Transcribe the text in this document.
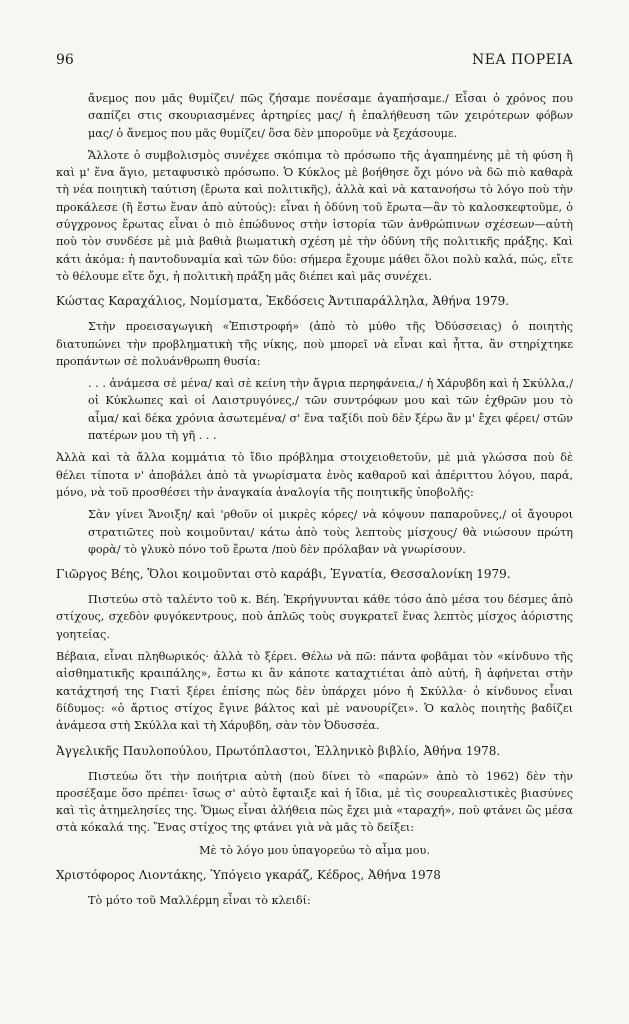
96	ΝΕΑ ΠΟΡΕΙΑ

ἄνεμος που μᾶς θυμίζει/ πῶς ζήσαμε πονέσαμε ἀγαπήσαμε./ Εἶσαι ὁ χρόνος που σαπίζει στις σκουριασμένες ἀρτηρίες μας/ ἡ ἐπαλήθευση τῶν χειρότερων φόβων μας/ ὁ ἄνεμος που μᾶς θυμίζει/ ὅσα δὲν μποροῦμε νὰ ξεχάσουμε.

Ἄλλοτε ὁ συμβολισμὸς συνέχεε σκόπιμα τὸ πρόσωπο τῆς ἀγαπημένης μὲ τὴ φύση ἢ καὶ μ' ἕνα ἅγιο, μεταφυσικὸ πρόσωπο. Ὁ Κύκλος μὲ βοήθησε ὄχι μόνο νὰ δῶ πιὸ καθαρὰ τὴ νέα ποιητικὴ ταύτιση (ἔρωτα καὶ πολιτικῆς), ἀλλὰ καὶ νὰ κατανοήσω τὸ λόγο ποὺ τὴν προκάλεσε (ἢ ἔστω ἕναν ἀπὸ αὐτούς): εἶναι ἡ ὀδύνη τοῦ ἔρωτα—ἂν τὸ καλοσκεφτοῦμε, ὁ σύγχρονος ἔρωτας εἶναι ὁ πιὸ ἐπώδυνος στὴν ἱστορία τῶν ἀνθρώπινων σχέσεων—αὐτὴ ποὺ τὸν συνδέσε μὲ μιὰ βαθιὰ βιωματικὴ σχέση μὲ τὴν ὀδύνη τῆς πολιτικῆς πράξης. Καὶ κάτι ἀκόμα: ἡ παντοδυναμία καὶ τῶν δύο: σήμερα ἔχουμε μάθει ὅλοι πολὺ καλά, πώς, εἴτε τὸ θέλουμε εἴτε ὄχι, ἡ πολιτικὴ πράξη μᾶς διέπει καὶ μᾶς συνέχει.

Κώστας Καραχάλιος, Νομίσματα, Ἐκδόσεις Ἀντιπαράλληλα, Ἀθήνα 1979.

Στὴν προεισαγωγικὴ «Ἐπιστροφή» (ἀπὸ τὸ μύθο τῆς Ὀδύσσειας) ὁ ποιητὴς διατυπώνει τὴν προβληματικὴ τῆς νίκης, ποὺ μπορεῖ νὰ εἶναι καὶ ἧττα, ἂν στηρίχτηκε προπάντων σὲ πολυάνθρωπη θυσία:

. . . ἀνάμεσα σὲ μένα/ καὶ σὲ κείνη τὴν ἄγρια περηφάνεια,/ ἡ Χάρυβδη καὶ ἡ Σκύλλα,/ οἱ Κύκλωπες καὶ οἱ Λαιστρυγόνες,/ τῶν συντρόφων μου καὶ τῶν ἐχθρῶν μου τὸ αἷμα/ καὶ δέκα χρόνια ἀσωτεμένα/ σ' ἕνα ταξίδι ποὺ δὲν ξέρω ἂν μ' ἔχει φέρει/ στῶν πατέρων μου τὴ γῆ . . .

Ἀλλὰ καὶ τὰ ἄλλα κομμάτια τὸ ἴδιο πρόβλημα στοιχειοθετοῦν, μὲ μιὰ γλώσσα ποὺ δὲ θέλει τίποτα ν' ἀποβάλει ἀπὸ τὰ γνωρίσματα ἑνὸς καθαροῦ καὶ ἀπέριττου λόγου, παρά, μόνο, νὰ τοῦ προσθέσει τὴν ἀναγκαία ἀναλογία τῆς ποιητικῆς ὑποβολῆς:

Σὰν γίνει Ἄνοιξη/ καὶ 'ρθοῦν οἱ μικρὲς κόρες/ νὰ κόψουν παπαροῦνες,/ οἱ ἄγουροι στρατιῶτες ποὺ κοιμοῦνται/ κάτω ἀπὸ τοὺς λεπτοὺς μίσχους/ θὰ νιώσουν πρώτη φορὰ/ τὸ γλυκὸ πόνο τοῦ ἔρωτα /ποὺ δὲν πρόλαβαν νὰ γνωρίσουν.

Γιῶργος Βέης, Ὅλοι κοιμοῦνται στὸ καράβι, Ἐγνατία, Θεσσαλονίκη 1979.

Πιστεύω στὸ ταλέντο τοῦ κ. Βέη. Ἐκρήγνυνται κάθε τόσο ἀπὸ μέσα του δέσμες ἀπὸ στίχους, σχεδὸν φυγόκεντρους, ποὺ ἁπλῶς τοὺς συγκρατεῖ ἕνας λεπτὸς μίσχος ἀόριστης γοητείας.

Βέβαια, εἶναι πληθωρικός· ἀλλὰ τὸ ξέρει. Θέλω νὰ πῶ: πάντα φοβᾶμαι τὸν «κίνδυνο τῆς αἰσθηματικῆς κραιπάλης», ἔστω κι ἂν κάποτε καταχτιέται ἀπὸ αὐτή, ἢ ἀφήνεται στὴν κατάχτησή της Γιατὶ ξέρει ἐπίσης πὼς δὲν ὑπάρχει μόνο ἡ Σκύλλα· ὁ κίνδυνος εἶναι δίδυμος: «ὁ ἄρτιος στίχος ἔγινε βάλτος καὶ μὲ νανουρίζει». Ὁ καλὸς ποιητὴς βαδίζει ἀνάμεσα στὴ Σκύλλα καὶ τὴ Χάρυβδη, σὰν τὸν Ὀδυσσέα.

Ἀγγελικῆς Παυλοπούλου, Πρωτόπλαστοι, Ἑλληνικὸ βιβλίο, Ἀθήνα 1978.

Πιστεύω ὅτι τὴν ποιήτρια αὐτὴ (ποὺ δίνει τὸ «παρών» ἀπὸ τὸ 1962) δὲν τὴν προσέξαμε ὅσο πρέπει· ἴσως σ' αὐτὸ ἔφταιξε καὶ ἡ ἴδια, μὲ τὶς σουρεαλιστικὲς βιασύνες καὶ τὶς ἀτημελησίες της. Ὅμως εἶναι ἀλήθεια πὼς ἔχει μιὰ «ταραχή», ποὺ φτάνει ὣς μέσα στὰ κόκαλά της. Ἕνας στίχος της φτάνει γιὰ νὰ μᾶς τὸ δείξει:

Μὲ τὸ λόγο μου ὑπαγορεύω τὸ αἷμα μου.

Χριστόφορος Λιοντάκης, Ὑπόγειο γκαράζ, Κέδρος, Ἀθήνα 1978

Τὸ μότο τοῦ Μαλλέρμη εἶναι τὸ κλειδί:
